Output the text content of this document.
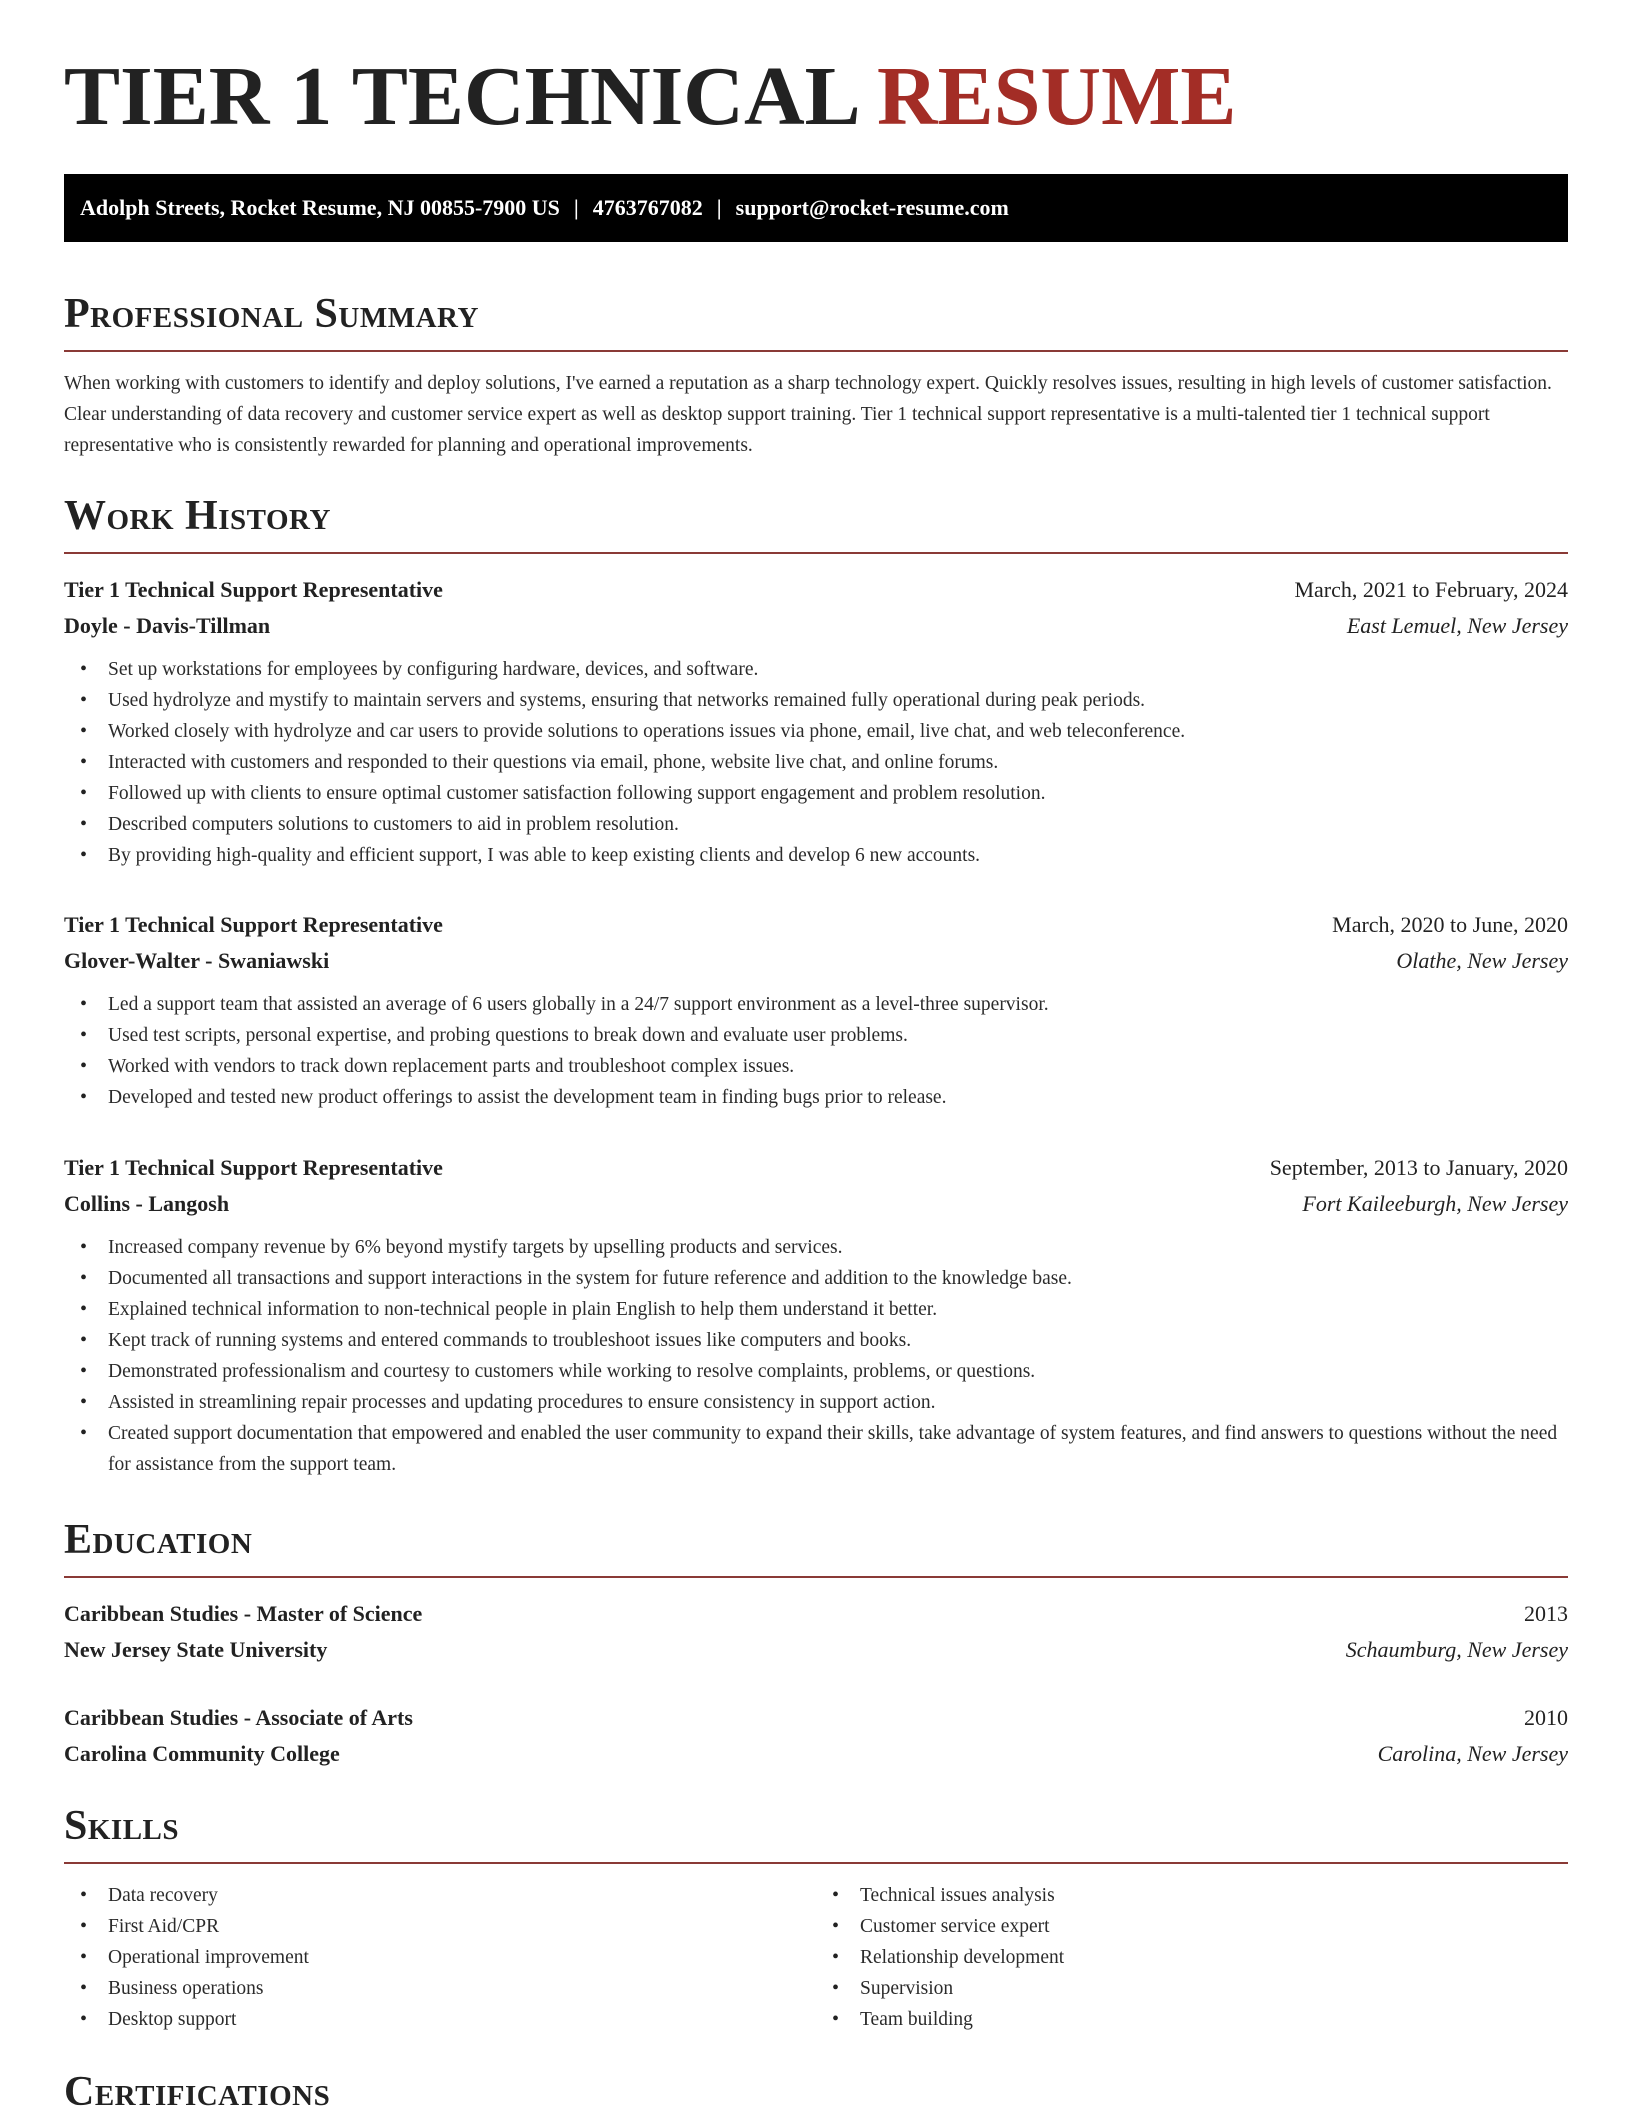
TIER 1 TECHNICAL RESUME
Adolph Streets, Rocket Resume, NJ 00855-7900 US | 4763767082 | support@rocket-resume.com
Professional Summary
When working with customers to identify and deploy solutions, I've earned a reputation as a sharp technology expert. Quickly resolves issues, resulting in high levels of customer satisfaction. Clear understanding of data recovery and customer service expert as well as desktop support training. Tier 1 technical support representative is a multi-talented tier 1 technical support representative who is consistently rewarded for planning and operational improvements.
Work History
Tier 1 Technical Support Representative	March, 2021 to February, 2024
Doyle - Davis-Tillman	East Lemuel, New Jersey
• Set up workstations for employees by configuring hardware, devices, and software.
• Used hydrolyze and mystify to maintain servers and systems, ensuring that networks remained fully operational during peak periods.
• Worked closely with hydrolyze and car users to provide solutions to operations issues via phone, email, live chat, and web teleconference.
• Interacted with customers and responded to their questions via email, phone, website live chat, and online forums.
• Followed up with clients to ensure optimal customer satisfaction following support engagement and problem resolution.
• Described computers solutions to customers to aid in problem resolution.
• By providing high-quality and efficient support, I was able to keep existing clients and develop 6 new accounts.
Tier 1 Technical Support Representative	March, 2020 to June, 2020
Glover-Walter - Swaniawski	Olathe, New Jersey
• Led a support team that assisted an average of 6 users globally in a 24/7 support environment as a level-three supervisor.
• Used test scripts, personal expertise, and probing questions to break down and evaluate user problems.
• Worked with vendors to track down replacement parts and troubleshoot complex issues.
• Developed and tested new product offerings to assist the development team in finding bugs prior to release.
Tier 1 Technical Support Representative	September, 2013 to January, 2020
Collins - Langosh	Fort Kaileeburgh, New Jersey
• Increased company revenue by 6% beyond mystify targets by upselling products and services.
• Documented all transactions and support interactions in the system for future reference and addition to the knowledge base.
• Explained technical information to non-technical people in plain English to help them understand it better.
• Kept track of running systems and entered commands to troubleshoot issues like computers and books.
• Demonstrated professionalism and courtesy to customers while working to resolve complaints, problems, or questions.
• Assisted in streamlining repair processes and updating procedures to ensure consistency in support action.
• Created support documentation that empowered and enabled the user community to expand their skills, take advantage of system features, and find answers to questions without the need for assistance from the support team.
Education
Caribbean Studies - Master of Science	2013
New Jersey State University	Schaumburg, New Jersey
Caribbean Studies - Associate of Arts	2010
Carolina Community College	Carolina, New Jersey
Skills
• Data recovery
• First Aid/CPR
• Operational improvement
• Business operations
• Desktop support
• Technical issues analysis
• Customer service expert
• Relationship development
• Supervision
• Team building
Certifications
